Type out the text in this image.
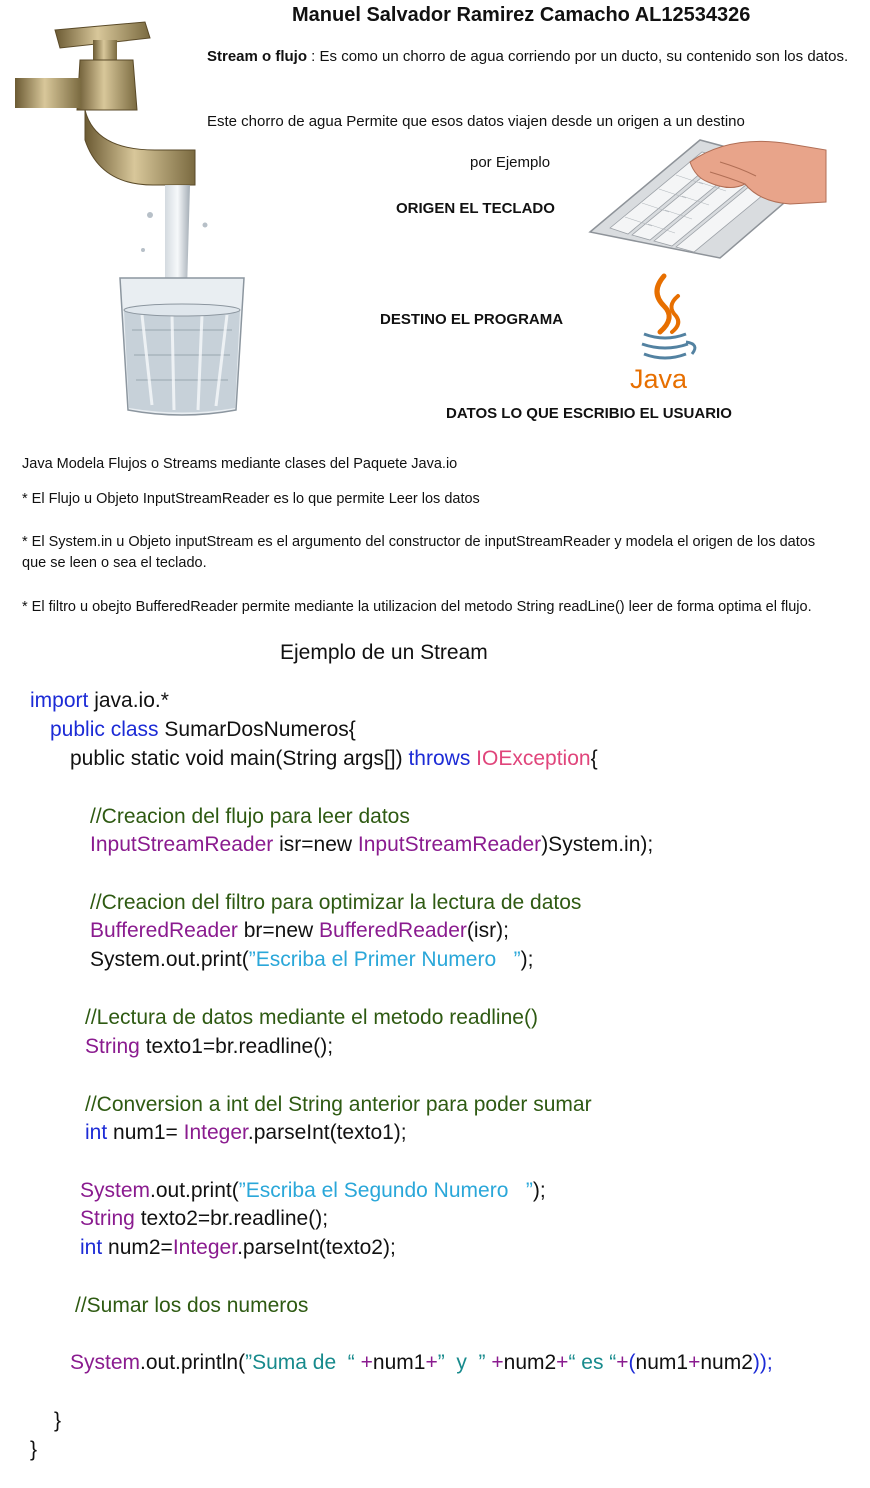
Manuel Salvador Ramirez Camacho AL12534326
Stream o flujo : Es como un chorro de agua corriendo por un ducto, su contenido son los datos.
Este chorro de agua Permite que esos datos viajen desde un origen a un destino
por Ejemplo
ORIGEN EL TECLADO
DESTINO EL PROGRAMA
DATOS LO QUE ESCRIBIO EL USUARIO
Java
Java Modela Flujos o Streams mediante clases del Paquete Java.io
* El Flujo u Objeto InputStreamReader es lo que permite Leer los datos
* El System.in u Objeto inputStream es el argumento del constructor de inputStreamReader y modela el origen de los datos que se leen o sea el teclado.
* El filtro u obejto BufferedReader permite mediante la utilizacion del metodo String readLine() leer de forma optima el flujo.
Ejemplo de un Stream
import java.io.*
public class SumarDosNumeros{
public static void main(String args[]) throws IOException{
//Creacion del flujo para leer datos
InputStreamReader isr=new InputStreamReader)System.in);
//Creacion del filtro para optimizar la lectura de datos
BufferedReader br=new BufferedReader(isr);
System.out.print(”Escriba el Primer Numero   ”);
//Lectura de datos mediante el metodo readline()
String texto1=br.readline();
//Conversion a int del String anterior para poder sumar
int num1= Integer.parseInt(texto1);
System.out.print(”Escriba el Segundo Numero   ”);
String texto2=br.readline();
int num2=Integer.parseInt(texto2);
//Sumar los dos numeros
System.out.println(”Suma de  “ +num1+”  y  ” +num2+“ es “+(num1+num2));
}
}
